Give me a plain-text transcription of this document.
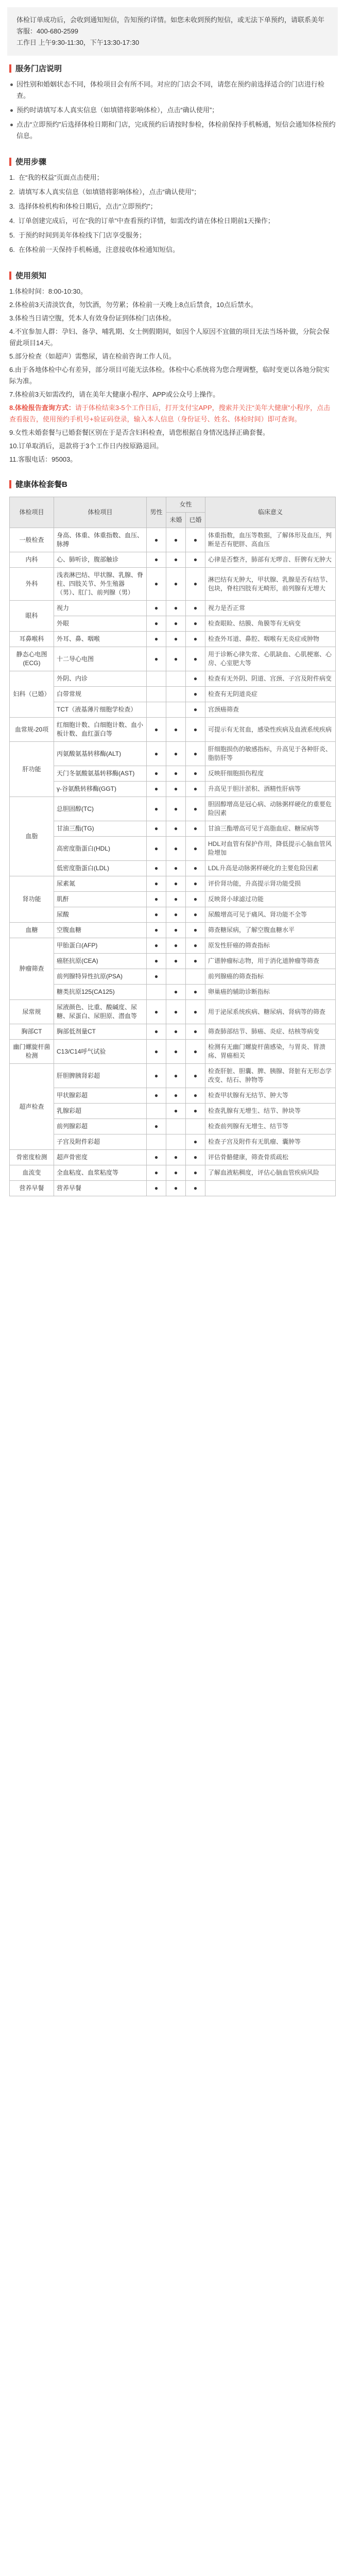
体检订单成功后，会收到通知短信，告知预约详情。如您未收到预约短信，或无法下单预约，请联系美年客服：400-680-2599

工作日 上午9:30-11:30，下午13:30-17:30

服务门店说明
因性别和婚姻状态不同，体检项目会有所不同。对应的门店会不同，请您在预约前选择适合的门店进行检查。
预约时请填写本人真实信息（如填错将影响体检），点击“确认使用”；
点击“立即预约”后选择体检日期和门店，完成预约后请按时参检，体检前保持手机畅通，短信会通知体检预约信息。
使用步骤
1. 在“我的权益”页面点击使用；
2. 请填写本人真实信息（如填错将影响体检），点击“确认使用”；
3. 选择体检机构和体检日期后，点击“立即预约”；
4. 订单创建完成后，可在“我的订单”中查看预约详情，如需改约请在体检日期前1天操作；
5. 于预约时间到美年体检线下门店享受服务；
6. 在体检前一天保持手机畅通，注意接收体检通知短信。
使用须知
1.体检时间：8:00-10:30。
2.体检前3天清淡饮食，勿饮酒，勿劳累；体检前一天晚上8点后禁食，10点后禁水。
3.体检当日请空腹，凭本人有效身份证到体检门店体检。
4.不宜参加人群：孕妇、备孕、哺乳期、女士例假期间，如因个人原因不宜做的项目无法当场补做，分院会保留此项目14天。
5.部分检查（如超声）需憋尿，请在检前咨询工作人员。
6.由于各地体检中心有差异，部分项目可能无法体检。体检中心系统将为您合理调整，临时变更以各地分院实际为准。
7.体检前3天如需改约，请在美年大健康小程序、APP或公众号上操作。
8.体检报告查询方式：请于体检结束3-5个工作日后，打开支付宝APP，搜索并关注“美年大健康”小程序，点击查看报告，使用预约手机号+验证码登录，输入本人信息（身份证号、姓名、体检时间）即可查询。
9.女性未婚套餐与已婚套餐区别在于是否含妇科检查，请您根据自身情况选择正确套餐。
10.订单取消后，退款将于3个工作日内按原路退回。
11.客服电话：95003。
健康体检套餐B
体检项目	体检项目	男性	女性		临床意义
			未婚	已婚	
一般检查	身高、体重、体重指数、血压、脉搏	●	●	●	体重指数，血压等数据，了解体形及血压，判断是否有肥胖、高血压
内科	心、肺听诊，腹部触诊	●	●	●	心律是否整齐，肺部有无啰音、肝脾有无肿大
外科	浅表淋巴结、甲状腺、乳腺、脊柱、四肢关节、外生殖器（男）、肛门、前列腺（男）	●	●	●	淋巴结有无肿大，甲状腺、乳腺是否有结节、包块，脊柱四肢有无畸形，前列腺有无增大
眼科	视力	●	●	●	视力是否正常
	外眼	●	●	●	检查眼睑、结膜、角膜等有无病变
耳鼻喉科	外耳、鼻、咽喉	●	●	●	检查外耳道、鼻腔、咽喉有无炎症或肿物
静态心电图(ECG)	十二导心电图	●	●	●	用于诊断心律失常、心肌缺血、心肌梗塞、心房、心室肥大等
妇科（已婚）	外阴、内诊			●	检查有无外阴、阴道、宫颈、子宫及附件病变
	白带常规			●	检查有无阴道炎症
	TCT（液基薄片细胞学检查）			●	宫颈癌筛查
血常规-20项	红细胞计数、白细胞计数、血小板计数、血红蛋白等	●	●	●	可提示有无贫血，感染性疾病及血液系统疾病
肝功能	丙氨酸氨基转移酶(ALT)	●	●	●	肝细胞损伤的敏感指标，升高见于各种肝炎、脂肪肝等
	天门冬氨酸氨基转移酶(AST)	●	●	●	反映肝细胞损伤程度
	γ-谷氨酰转移酶(GGT)	●	●	●	升高见于胆汁淤积、酒精性肝病等
血脂	总胆固醇(TC)	●	●	●	胆固醇增高是冠心病、动脉粥样硬化的重要危险因素
	甘油三酯(TG)	●	●	●	甘油三酯增高可见于高脂血症、糖尿病等
	高密度脂蛋白(HDL)	●	●	●	HDL对血管有保护作用，降低提示心脑血管风险增加
	低密度脂蛋白(LDL)	●	●	●	LDL升高是动脉粥样硬化的主要危险因素
肾功能	尿素氮	●	●	●	评价肾功能，升高提示肾功能受损
	肌酐	●	●	●	反映肾小球滤过功能
	尿酸	●	●	●	尿酸增高可见于痛风、肾功能不全等
血糖	空腹血糖	●	●	●	筛查糖尿病，了解空腹血糖水平
肿瘤筛查	甲胎蛋白(AFP)	●	●	●	原发性肝癌的筛查指标
	癌胚抗原(CEA)	●	●	●	广谱肿瘤标志物，用于消化道肿瘤等筛查
	前列腺特异性抗原(PSA)	●			前列腺癌的筛查指标
	糖类抗原125(CA125)		●	●	卵巢癌的辅助诊断指标
尿常规	尿液颜色、比重、酸碱度、尿糖、尿蛋白、尿胆原、潜血等	●	●	●	用于泌尿系统疾病、糖尿病、肾病等的筛查
胸部CT	胸部低剂量CT	●	●	●	筛查肺部结节、肺癌、炎症、结核等病变
幽门螺旋杆菌检测	C13/C14呼气试验	●	●	●	检测有无幽门螺旋杆菌感染，与胃炎、胃溃疡、胃癌相关
超声检查	肝胆脾胰肾彩超	●	●	●	检查肝脏、胆囊、脾、胰腺、肾脏有无形态学改变、结石、肿物等
	甲状腺彩超	●	●	●	检查甲状腺有无结节、肿大等
	乳腺彩超		●	●	检查乳腺有无增生、结节、肿块等
	前列腺彩超	●			检查前列腺有无增生、结节等
	子宫及附件彩超			●	检查子宫及附件有无肌瘤、囊肿等
骨密度检测	超声骨密度	●	●	●	评估骨骼健康，筛查骨质疏松
血流变	全血粘度、血浆粘度等	●	●	●	了解血液粘稠度，评估心脑血管疾病风险
营养早餐	营养早餐	●	●	●	
